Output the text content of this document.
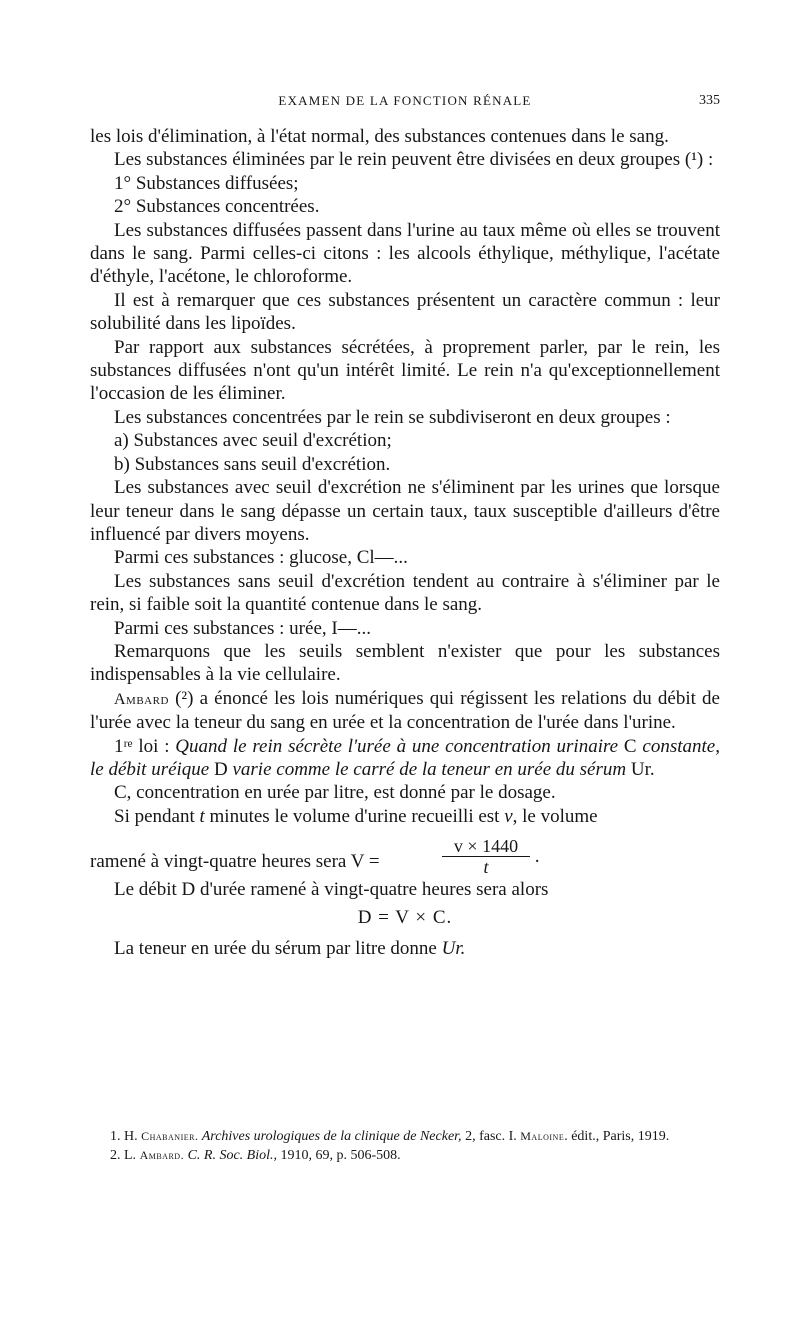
EXAMEN DE LA FONCTION RÉNALE	335

les lois d'élimination, à l'état normal, des substances contenues dans le sang.

Les substances éliminées par le rein peuvent être divisées en deux groupes (¹) :

1° Substances diffusées;

2° Substances concentrées.

Les substances diffusées passent dans l'urine au taux même où elles se trouvent dans le sang. Parmi celles-ci citons : les alcools éthylique, méthylique, l'acétate d'éthyle, l'acétone, le chloroforme.

Il est à remarquer que ces substances présentent un caractère commun : leur solubilité dans les lipoïdes.

Par rapport aux substances sécrétées, à proprement parler, par le rein, les substances diffusées n'ont qu'un intérêt limité. Le rein n'a qu'exceptionnellement l'occasion de les éliminer.

Les substances concentrées par le rein se subdiviseront en deux groupes :

a) Substances avec seuil d'excrétion;

b) Substances sans seuil d'excrétion.

Les substances avec seuil d'excrétion ne s'éliminent par les urines que lorsque leur teneur dans le sang dépasse un certain taux, taux susceptible d'ailleurs d'être influencé par divers moyens.

Parmi ces substances : glucose, Cl—...

Les substances sans seuil d'excrétion tendent au contraire à s'éliminer par le rein, si faible soit la quantité contenue dans le sang.

Parmi ces substances : urée, I—...

Remarquons que les seuils semblent n'exister que pour les substances indispensables à la vie cellulaire.

Ambard (²) a énoncé les lois numériques qui régissent les relations du débit de l'urée avec la teneur du sang en urée et la concentration de l'urée dans l'urine.

1ʳᵉ loi : Quand le rein sécrète l'urée à une concentration urinaire C constante, le débit uréique D varie comme le carré de la teneur en urée du sérum Ur.

C, concentration en urée par litre, est donné par le dosage.

Si pendant t minutes le volume d'urine recueilli est v, le volume

ramené à vingt-quatre heures sera V =	$\frac{v \times 1440}{t}$ ·

Le débit D d'urée ramené à vingt-quatre heures sera alors

D = V × C.

La teneur en urée du sérum par litre donne Ur.

1. H. Chabanier. Archives urologiques de la clinique de Necker, 2, fasc. I. Maloine. édit., Paris, 1919.

2. L. Ambard. C. R. Soc. Biol., 1910, 69, p. 506-508.
